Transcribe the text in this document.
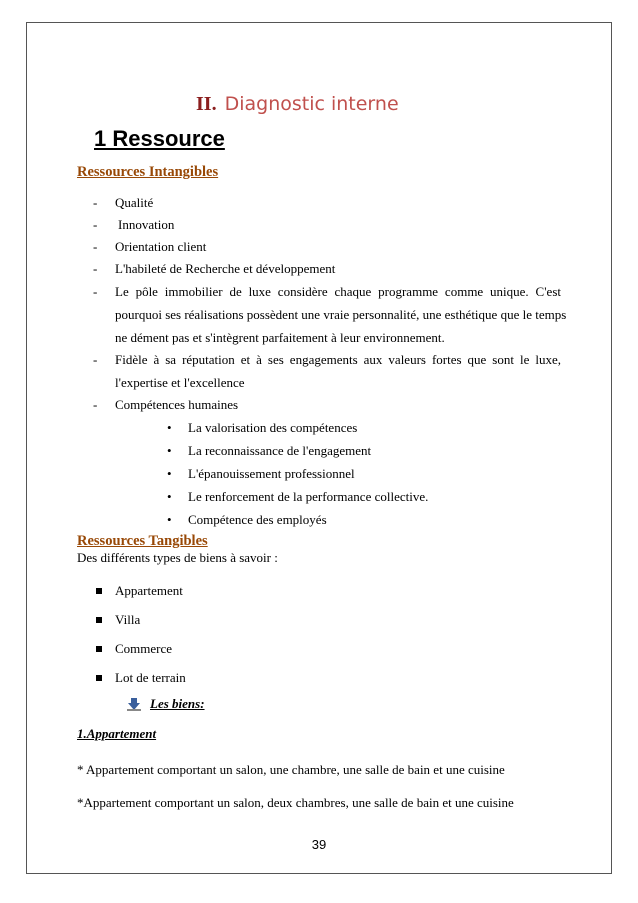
II. Diagnostic interne
1 Ressource
Ressources Intangibles
- Qualité
- Innovation
- Orientation client
- L'habileté de Recherche et développement
- Le pôle immobilier de luxe considère chaque programme comme unique. C'est
pourquoi ses réalisations possèdent une vraie personnalité, une esthétique que le temps
ne dément pas et s'intègrent parfaitement à leur environnement.
- Fidèle à sa réputation et à ses engagements aux valeurs fortes que sont le luxe,
l'expertise et l'excellence
- Compétences humaines
• La valorisation des compétences
• La reconnaissance de l'engagement
• L'épanouissement professionnel
• Le renforcement de la performance collective.
• Compétence des employés
Ressources Tangibles
Des différents types de biens à savoir :
Appartement
Villa
Commerce
Lot de terrain
Les biens:
1.Appartement
* Appartement comportant un salon, une chambre, une salle de bain et une cuisine
*Appartement comportant un salon, deux chambres, une salle de bain et une cuisine
39
